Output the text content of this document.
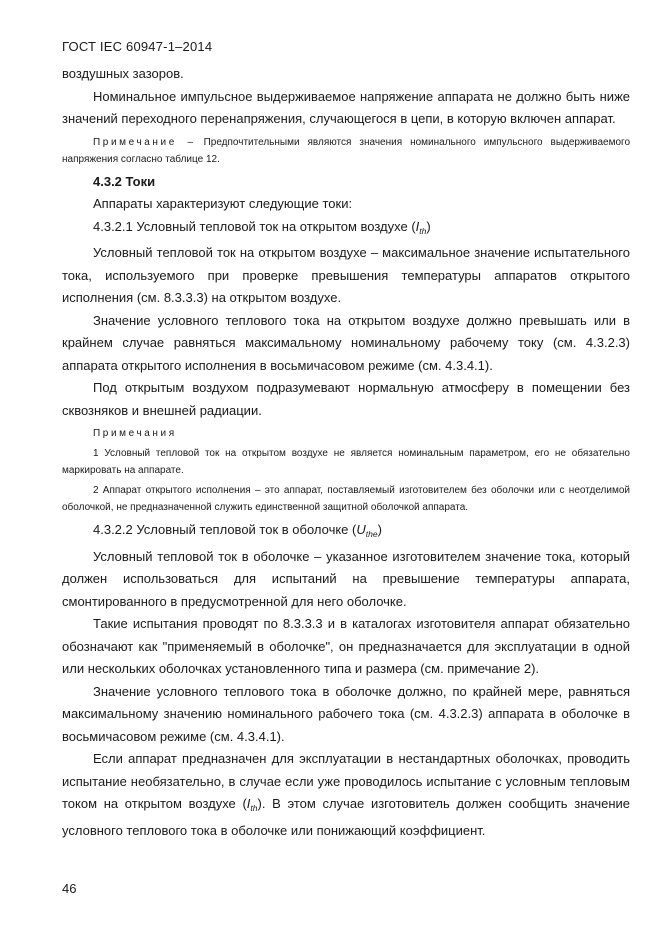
ГОСТ IEC 60947-1–2014

воздушных зазоров.

Номинальное импульсное выдерживаемое напряжение аппарата не должно быть ниже значений переходного перенапряжения, случающегося в цепи, в которую включен аппарат.

Примечание – Предпочтительными являются значения номинального импульсного выдерживаемого напряжения согласно таблице 12.

4.3.2 Токи

Аппараты характеризуют следующие токи:

4.3.2.1 Условный тепловой ток на открытом воздухе $(I_{th})$

Условный тепловой ток на открытом воздухе – максимальное значение испытательного тока, используемого при проверке превышения температуры аппаратов открытого исполнения (см. 8.3.3.3) на открытом воздухе.

Значение условного теплового тока на открытом воздухе должно превышать или в крайнем случае равняться максимальному номинальному рабочему току (см. 4.3.2.3) аппарата открытого исполнения в восьмичасовом режиме (см. 4.3.4.1).

Под открытым воздухом подразумевают нормальную атмосферу в помещении без сквозняков и внешней радиации.

Примечания

1 Условный тепловой ток на открытом воздухе не является номинальным параметром, его не обязательно маркировать на аппарате.

2 Аппарат открытого исполнения – это аппарат, поставляемый изготовителем без оболочки или с неотделимой оболочкой, не предназначенной служить единственной защитной оболочкой аппарата.

4.3.2.2 Условный тепловой ток в оболочке $(U_{the})$

Условный тепловой ток в оболочке – указанное изготовителем значение тока, который должен использоваться для испытаний на превышение температуры аппарата, смонтированного в предусмотренной для него оболочке.

Такие испытания проводят по 8.3.3.3 и в каталогах изготовителя аппарат обязательно обозначают как "применяемый в оболочке", он предназначается для эксплуатации в одной или нескольких оболочках установленного типа и размера (см. примечание 2).

Значение условного теплового тока в оболочке должно, по крайней мере, равняться максимальному значению номинального рабочего тока (см. 4.3.2.3) аппарата в оболочке в восьмичасовом режиме (см. 4.3.4.1).

Если аппарат предназначен для эксплуатации в нестандартных оболочках, проводить испытание необязательно, в случае если уже проводилось испытание с условным тепловым током на открытом воздухе $(I_{th})$. В этом случае изготовитель должен сообщить значение условного теплового тока в оболочке или понижающий коэффициент.

46
